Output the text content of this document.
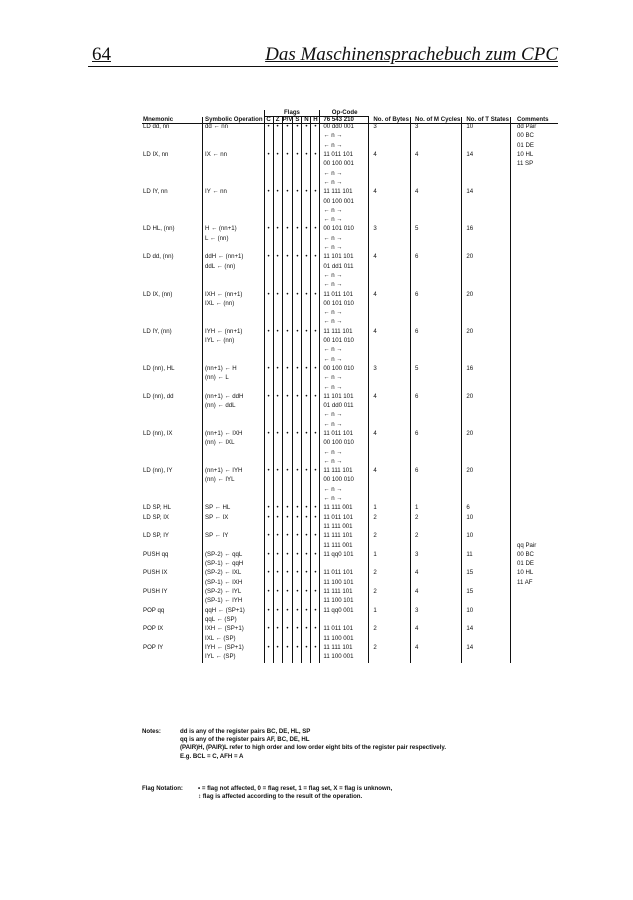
64	Das Maschinensprachebuch zum CPC
		Flags						Op-Code				
Mnemonic	Symbolic Operation	C	Z	P/V	S	N	H	76 543 210	No. of Bytes	No. of M Cycles	No. of T States	Comments
LD dd, nn	dd ← nn	•	•	•	•	•	•	00 dd0 001	3	3	10	dd Pair
								← n →				00 BC
								← n →				01 DE
LD IX, nn	IX ← nn	•	•	•	•	•	•	11 011 101	4	4	14	10 HL
								00 100 001				11 SP
								← n →				
								← n →				
LD IY, nn	IY ← nn	•	•	•	•	•	•	11 111 101	4	4	14	
								00 100 001				
								← n →				
								← n →				
LD HL, (nn)	H ← (nn+1)	•	•	•	•	•	•	00 101 010	3	5	16	
	L ← (nn)							← n →				
								← n →				
LD dd, (nn)	ddH ← (nn+1)	•	•	•	•	•	•	11 101 101	4	6	20	
	ddL ← (nn)							01 dd1 011				
								← n →				
								← n →				
LD IX, (nn)	IXH ← (nn+1)	•	•	•	•	•	•	11 011 101	4	6	20	
	IXL ← (nn)							00 101 010				
								← n →				
								← n →				
LD IY, (nn)	IYH ← (nn+1)	•	•	•	•	•	•	11 111 101	4	6	20	
	IYL ← (nn)							00 101 010				
								← n →				
								← n →				
LD (nn), HL	(nn+1) ← H	•	•	•	•	•	•	00 100 010	3	5	16	
	(nn) ← L							← n →				
								← n →				
LD (nn), dd	(nn+1) ← ddH	•	•	•	•	•	•	11 101 101	4	6	20	
	(nn) ← ddL							01 dd0 011				
								← n →				
								← n →				
LD (nn), IX	(nn+1) ← IXH	•	•	•	•	•	•	11 011 101	4	6	20	
	(nn) ← IXL							00 100 010				
								← n →				
								← n →				
LD (nn), IY	(nn+1) ← IYH	•	•	•	•	•	•	11 111 101	4	6	20	
	(nn) ← IYL							00 100 010				
								← n →				
								← n →				
LD SP, HL	SP ← HL	•	•	•	•	•	•	11 111 001	1	1	6	
LD SP, IX	SP ← IX	•	•	•	•	•	•	11 011 101	2	2	10	
								11 111 001				
LD SP, IY	SP ← IY	•	•	•	•	•	•	11 111 101	2	2	10	
								11 111 001				qq Pair
PUSH qq	(SP-2) ← qqL	•	•	•	•	•	•	11 qq0 101	1	3	11	00 BC
	(SP-1) ← qqH											01 DE
PUSH IX	(SP-2) ← IXL	•	•	•	•	•	•	11 011 101	2	4	15	10 HL
	(SP-1) ← IXH							11 100 101				11 AF
PUSH IY	(SP-2) ← IYL	•	•	•	•	•	•	11 111 101	2	4	15	
	(SP-1) ← IYH							11 100 101				
POP qq	qqH ← (SP+1)	•	•	•	•	•	•	11 qq0 001	1	3	10	
	qqL ← (SP)											
POP IX	IXH ← (SP+1)	•	•	•	•	•	•	11 011 101	2	4	14	
	IXL ← (SP)							11 100 001				
POP IY	IYH ← (SP+1)	•	•	•	•	•	•	11 111 101	2	4	14	
	IYL ← (SP)							11 100 001				
Notes:	dd is any of the register pairs BC, DE, HL, SP
qq is any of the register pairs AF, BC, DE, HL
(PAIR)H, (PAIR)L refer to high order and low order eight bits of the register pair respectively.
E.g. BCL = C, AFH = A
Flag Notation:	• = flag not affected, 0 = flag reset, 1 = flag set, X = flag is unknown,
↕ flag is affected according to the result of the operation.
